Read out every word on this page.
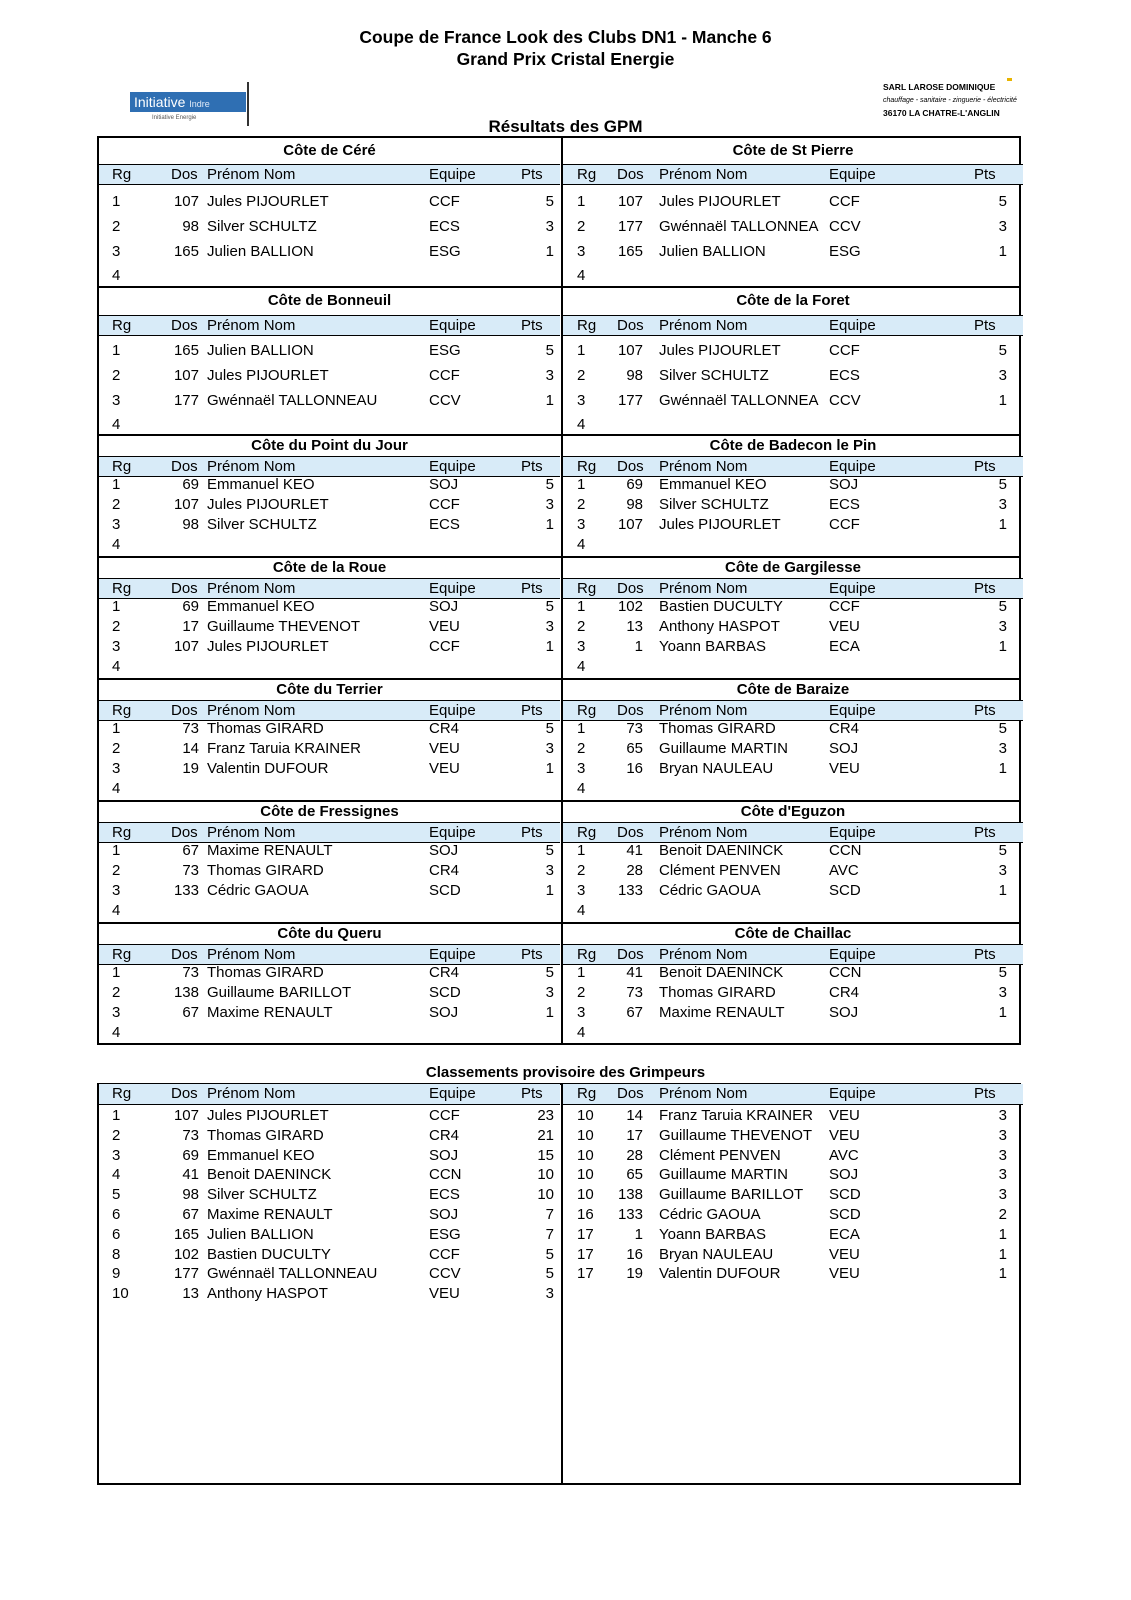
Coupe de France Look des Clubs DN1 - Manche 6
Grand Prix Cristal Energie
Initiative Indre
Initiative Energie
SARL LAROSE DOMINIQUE
chauffage - sanitaire - zinguerie - électricité
36170 LA CHATRE-L'ANGLIN
Résultats des GPM
Côte de Céré
Rg	Dos Prénom Nom	Equipe	Pts
1	107 Jules PIJOURLET	CCF	5
2	98 Silver SCHULTZ	ECS	3
3	165 Julien BALLION	ESG	1
4
Côte de St Pierre
Rg Dos	Prénom Nom	Equipe	Pts
1	107 Jules PIJOURLET	CCF	5
2	177 Gwénnaël TALLONNEA CCV	3
3	165 Julien BALLION	ESG	1
4
Côte de Bonneuil
Rg	Dos Prénom Nom	Equipe	Pts
1	165 Julien BALLION	ESG	5
2	107 Jules PIJOURLET	CCF	3
3	177 Gwénnaël TALLONNEAU	CCV	1
4
Côte de la Foret
Rg Dos	Prénom Nom	Equipe	Pts
1	107 Jules PIJOURLET	CCF	5
2	98 Silver SCHULTZ	ECS	3
3	177 Gwénnaël TALLONNEA CCV	1
4
Côte du Point du Jour
Rg	Dos Prénom Nom	Equipe	Pts
1	69 Emmanuel KEO	SOJ	5
2	107 Jules PIJOURLET	CCF	3
3	98 Silver SCHULTZ	ECS	1
4
Côte de Badecon le Pin
Rg Dos	Prénom Nom	Equipe	Pts
1	69 Emmanuel KEO	SOJ	5
2	98 Silver SCHULTZ	ECS	3
3	107 Jules PIJOURLET	CCF	1
4
Côte de la Roue
Rg	Dos Prénom Nom	Equipe	Pts
1	69 Emmanuel KEO	SOJ	5
2	17 Guillaume THEVENOT	VEU	3
3	107 Jules PIJOURLET	CCF	1
4
Côte de Gargilesse
Rg Dos	Prénom Nom	Equipe	Pts
1	102 Bastien DUCULTY	CCF	5
2	13 Anthony HASPOT	VEU	3
3	1 Yoann BARBAS	ECA	1
4
Côte du Terrier
Rg	Dos Prénom Nom	Equipe	Pts
1	73 Thomas GIRARD	CR4	5
2	14 Franz Taruia KRAINER	VEU	3
3	19 Valentin DUFOUR	VEU	1
4
Côte de Baraize
Rg Dos	Prénom Nom	Equipe	Pts
1	73 Thomas GIRARD	CR4	5
2	65 Guillaume MARTIN	SOJ	3
3	16 Bryan NAULEAU	VEU	1
4
Côte de Fressignes
Rg	Dos Prénom Nom	Equipe	Pts
1	67 Maxime RENAULT	SOJ	5
2	73 Thomas GIRARD	CR4	3
3	133 Cédric GAOUA	SCD	1
4
Côte d'Eguzon
Rg Dos	Prénom Nom	Equipe	Pts
1	41 Benoit DAENINCK	CCN	5
2	28 Clément PENVEN	AVC	3
3	133 Cédric GAOUA	SCD	1
4
Côte du Queru
Rg	Dos Prénom Nom	Equipe	Pts
1	73 Thomas GIRARD	CR4	5
2	138 Guillaume BARILLOT	SCD	3
3	67 Maxime RENAULT	SOJ	1
4
Côte de Chaillac
Rg Dos	Prénom Nom	Equipe	Pts
1	41 Benoit DAENINCK	CCN	5
2	73 Thomas GIRARD	CR4	3
3	67 Maxime RENAULT	SOJ	1
4
Rg	Dos Prénom Nom	Equipe	Pts
1	107 Jules PIJOURLET	CCF	23
2	73 Thomas GIRARD	CR4	21
3	69 Emmanuel KEO	SOJ	15
4	41 Benoit DAENINCK	CCN	10
5	98 Silver SCHULTZ	ECS	10
6	67 Maxime RENAULT	SOJ	7
6	165 Julien BALLION	ESG	7
8	102 Bastien DUCULTY	CCF	5
9	177 Gwénnaël TALLONNEAU	CCV	5
10	13 Anthony HASPOT	VEU	3
Rg Dos	Prénom Nom	Equipe	Pts
10	14 Franz Taruia KRAINER VEU	3
10	17 Guillaume THEVENOT VEU	3
10	28 Clément PENVEN	AVC	3
10	65 Guillaume MARTIN	SOJ	3
10	138 Guillaume BARILLOT SCD	3
16	133 Cédric GAOUA	SCD	2
17	1 Yoann BARBAS	ECA	1
17	16 Bryan NAULEAU	VEU	1
17	19 Valentin DUFOUR	VEU	1
Classements provisoire des Grimpeurs
